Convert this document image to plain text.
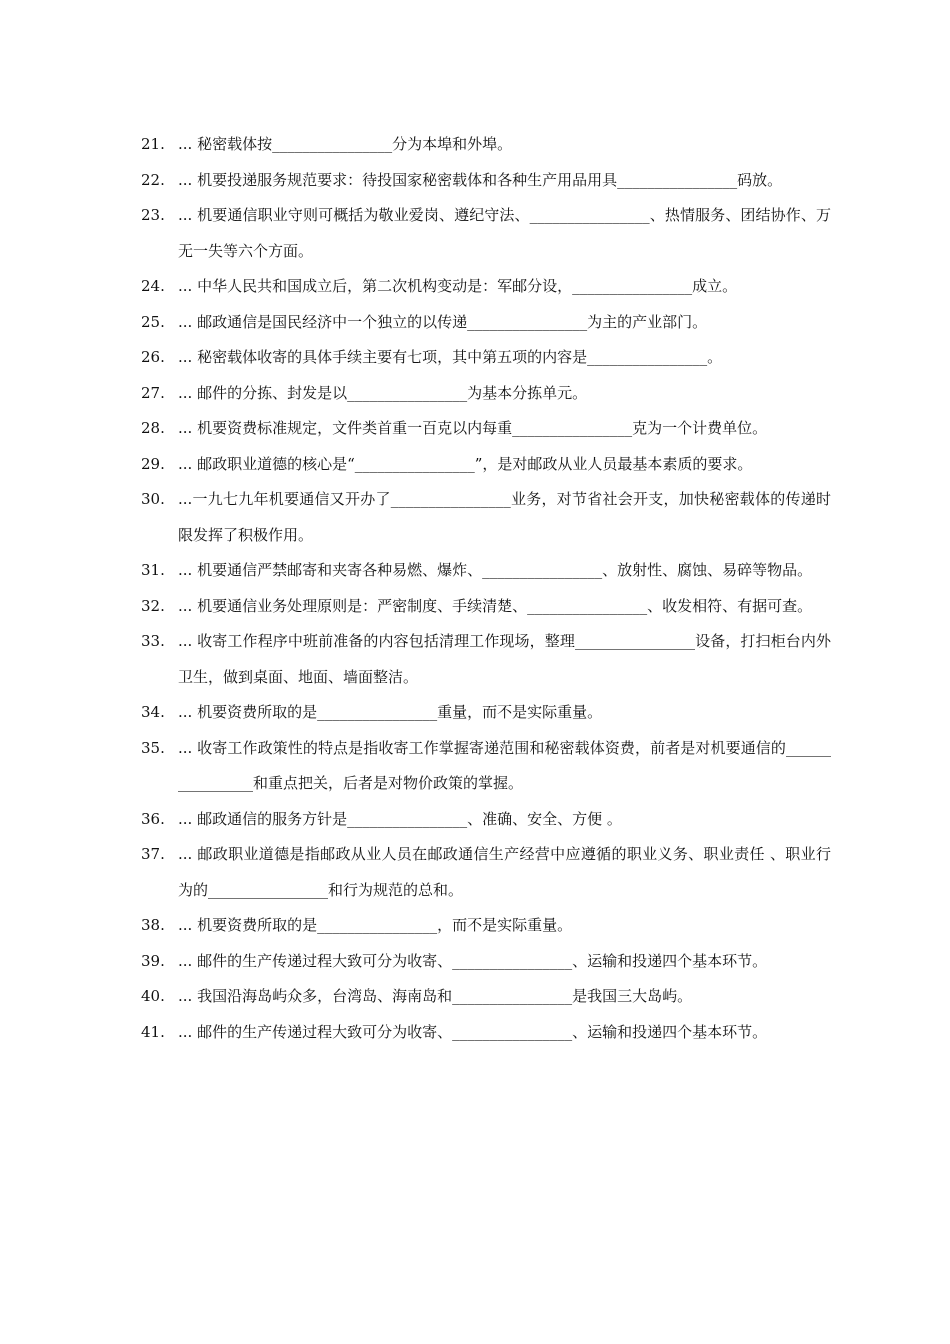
21. ... 秘密载体按________________分为本埠和外埠。
22. ... 机要投递服务规范要求：待投国家秘密载体和各种生产用品用具________________码放。
23. ... 机要通信职业守则可概括为敬业爱岗、遵纪守法、________________、热情服务、团结协作、万无一失等六个方面。
24. ... 中华人民共和国成立后，第二次机构变动是：军邮分设，________________成立。
25. ... 邮政通信是国民经济中一个独立的以传递________________为主的产业部门。
26. ... 秘密载体收寄的具体手续主要有七项，其中第五项的内容是________________。
27. ... 邮件的分拣、封发是以________________为基本分拣单元。
28. ... 机要资费标准规定，文件类首重一百克以内每重________________克为一个计费单位。
29. ... 邮政职业道德的核心是“________________”，是对邮政从业人员最基本素质的要求。
30. ...一九七九年机要通信又开办了________________业务，对节省社会开支，加快秘密载体的传递时限发挥了积极作用。
31. ... 机要通信严禁邮寄和夹寄各种易燃、爆炸、________________、放射性、腐蚀、易碎等物品。
32. ... 机要通信业务处理原则是：严密制度、手续清楚、________________、收发相符、有据可查。
33. ... 收寄工作程序中班前准备的内容包括清理工作现场，整理________________设备，打扫柜台内外卫生，做到桌面、地面、墙面整洁。
34. ... 机要资费所取的是________________重量，而不是实际重量。
35. ... 收寄工作政策性的特点是指收寄工作掌握寄递范围和秘密载体资费，前者是对机要通信的________________和重点把关，后者是对物价政策的掌握。
36. ... 邮政通信的服务方针是________________、准确、安全、方便 。
37. ... 邮政职业道德是指邮政从业人员在邮政通信生产经营中应遵循的职业义务、职业责任 、职业行为的________________和行为规范的总和。
38. ... 机要资费所取的是________________，而不是实际重量。
39. ... 邮件的生产传递过程大致可分为收寄、________________、运输和投递四个基本环节。
40. ... 我国沿海岛屿众多，台湾岛、海南岛和________________是我国三大岛屿。
41. ... 邮件的生产传递过程大致可分为收寄、________________、运输和投递四个基本环节。
